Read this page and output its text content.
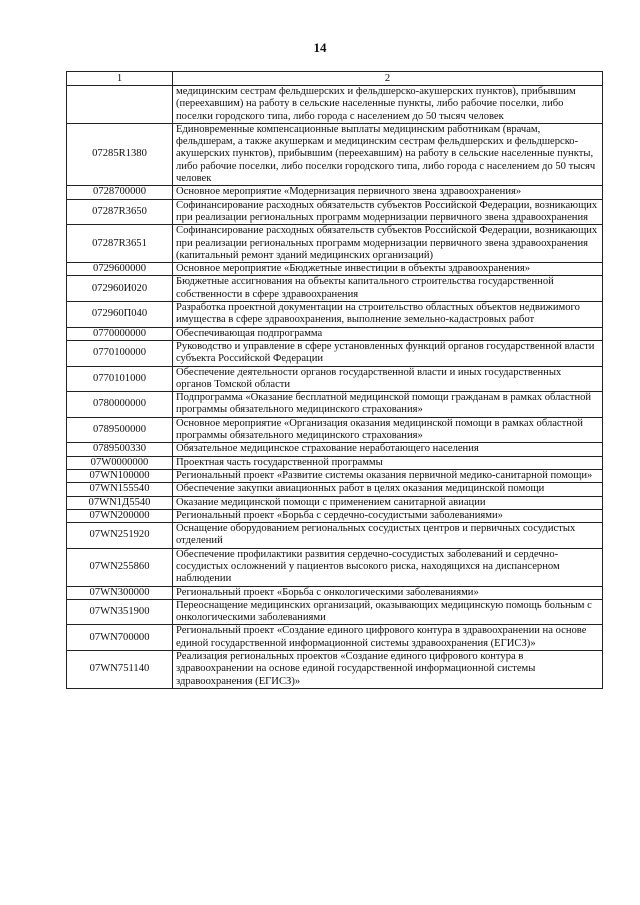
14
1	2
	медицинским сестрам фельдшерских и фельдшерско-акушерских пунктов), прибывшим (переехавшим) на работу в сельские населенные пункты, либо рабочие поселки, либо поселки городского типа, либо города с населением до 50 тысяч человек
07285R1380	Единовременные компенсационные выплаты медицинским работникам (врачам, фельдшерам, а также акушеркам и медицинским сестрам фельдшерских и фельдшерско-акушерских пунктов), прибывшим (переехавшим) на работу в сельские населенные пункты, либо рабочие поселки, либо поселки городского типа, либо города с населением до 50 тысяч человек
0728700000	Основное мероприятие «Модернизация первичного звена здравоохранения»
07287R3650	Софинансирование расходных обязательств субъектов Российской Федерации, возникающих при реализации региональных программ модернизации первичного звена здравоохранения
07287R3651	Софинансирование расходных обязательств субъектов Российской Федерации, возникающих при реализации региональных программ модернизации первичного звена здравоохранения (капитальный ремонт зданий медицинских организаций)
0729600000	Основное мероприятие «Бюджетные инвестиции в объекты здравоохранения»
072960И020	Бюджетные ассигнования на объекты капитального строительства государственной собственности в сфере здравоохранения
072960П040	Разработка проектной документации на строительство областных объектов недвижимого имущества в сфере здравоохранения, выполнение земельно-кадастровых работ
0770000000	Обеспечивающая подпрограмма
0770100000	Руководство и управление в сфере установленных функций органов государственной власти субъекта Российской Федерации
0770101000	Обеспечение деятельности органов государственной власти и иных государственных органов Томской области
0780000000	Подпрограмма «Оказание бесплатной медицинской помощи гражданам в рамках областной программы обязательного медицинского страхования»
0789500000	Основное мероприятие «Организация оказания медицинской помощи в рамках областной программы обязательного медицинского страхования»
0789500330	Обязательное медицинское страхование неработающего населения
07W0000000	Проектная часть государственной программы
07WN100000	Региональный проект «Развитие системы оказания первичной медико-санитарной помощи»
07WN155540	Обеспечение закупки авиационных работ в целях оказания медицинской помощи
07WN1Д5540	Оказание медицинской помощи с применением санитарной авиации
07WN200000	Региональный проект «Борьба с сердечно-сосудистыми заболеваниями»
07WN251920	Оснащение оборудованием региональных сосудистых центров и первичных сосудистых отделений
07WN255860	Обеспечение профилактики развития сердечно-сосудистых заболеваний и сердечно-сосудистых осложнений у пациентов высокого риска, находящихся на диспансерном наблюдении
07WN300000	Региональный проект «Борьба с онкологическими заболеваниями»
07WN351900	Переоснащение медицинских организаций, оказывающих медицинскую помощь больным с онкологическими заболеваниями
07WN700000	Региональный проект «Создание единого цифрового контура в здравоохранении на основе единой государственной информационной системы здравоохранения (ЕГИСЗ)»
07WN751140	Реализация региональных проектов «Создание единого цифрового контура в здравоохранении на основе единой государственной информационной системы здравоохранения (ЕГИСЗ)»
